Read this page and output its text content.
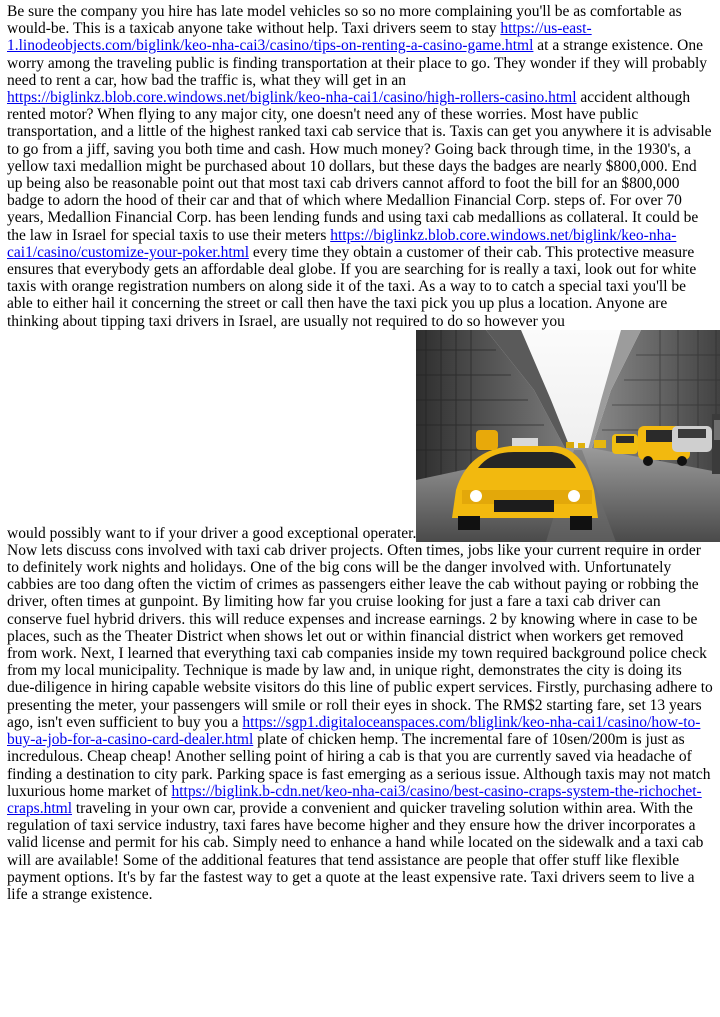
Be sure the company you hire has late model vehicles so so no more complaining you'll be as comfortable as would-be. This is a taxicab anyone take without help. Taxi drivers seem to stay https://us-east-1.linodeobjects.com/biglink/keo-nha-cai3/casino/tips-on-renting-a-casino-game.html at a strange existence. One worry among the traveling public is finding transportation at their place to go. They wonder if they will probably need to rent a car, how bad the traffic is, what they will get in an https://biglinkz.blob.core.windows.net/biglink/keo-nha-cai1/casino/high-rollers-casino.html accident although rented motor? When flying to any major city, one doesn't need any of these worries. Most have public transportation, and a little of the highest ranked taxi cab service that is. Taxis can get you anywhere it is advisable to go from a jiff, saving you both time and cash. How much money? Going back through time, in the 1930's, a yellow taxi medallion might be purchased about 10 dollars, but these days the badges are nearly $800,000. End up being also be reasonable point out that most taxi cab drivers cannot afford to foot the bill for an $800,000 badge to adorn the hood of their car and that of which where Medallion Financial Corp. steps of. For over 70 years, Medallion Financial Corp. has been lending funds and using taxi cab medallions as collateral. It could be the law in Israel for special taxis to use their meters https://biglinkz.blob.core.windows.net/biglink/keo-nha-cai1/casino/customize-your-poker.html every time they obtain a customer of their cab. This protective measure ensures that everybody gets an affordable deal globe. If you are searching for is really a taxi, look out for white taxis with orange registration numbers on along side it of the taxi. As a way to to catch a special taxi you'll be able to either hail it concerning the street or call then have the taxi pick you up plus a location. Anyone are thinking about tipping taxi drivers in Israel, are usually not required to do so however you

would possibly want to if your driver a good exceptional operater.

Now lets discuss cons involved with taxi cab driver projects. Often times, jobs like your current require in order to definitely work nights and holidays. One of the big cons will be the danger involved with. Unfortunately cabbies are too dang often the victim of crimes as passengers either leave the cab without paying or robbing the driver, often times at gunpoint. By limiting how far you cruise looking for just a fare a taxi cab driver can conserve fuel hybrid drivers. this will reduce expenses and increase earnings. 2 by knowing where in case to be places, such as the Theater District when shows let out or within financial district when workers get removed from work. Next, I learned that everything taxi cab companies inside my town required background police check from my local municipality. Technique is made by law and, in unique right, demonstrates the city is doing its due-diligence in hiring capable website visitors do this line of public expert services. Firstly, purchasing adhere to presenting the meter, your passengers will smile or roll their eyes in shock. The RM$2 starting fare, set 13 years ago, isn't even sufficient to buy you a https://sgp1.digitaloceanspaces.com/bliglink/keo-nha-cai1/casino/how-to-buy-a-job-for-a-casino-card-dealer.html plate of chicken hemp. The incremental fare of 10sen/200m is just as incredulous. Cheap cheap! Another selling point of hiring a cab is that you are currently saved via headache of finding a destination to city park. Parking space is fast emerging as a serious issue. Although taxis may not match luxurious home market of https://biglink.b-cdn.net/keo-nha-cai3/casino/best-casino-craps-system-the-richochet-craps.html traveling in your own car, provide a convenient and quicker traveling solution within area. With the regulation of taxi service industry, taxi fares have become higher and they ensure how the driver incorporates a valid license and permit for his cab. Simply need to enhance a hand while located on the sidewalk and a taxi cab will are available! Some of the additional features that tend assistance are people that offer stuff like flexible payment options. It's by far the fastest way to get a quote at the least expensive rate. Taxi drivers seem to live a life a strange existence.
